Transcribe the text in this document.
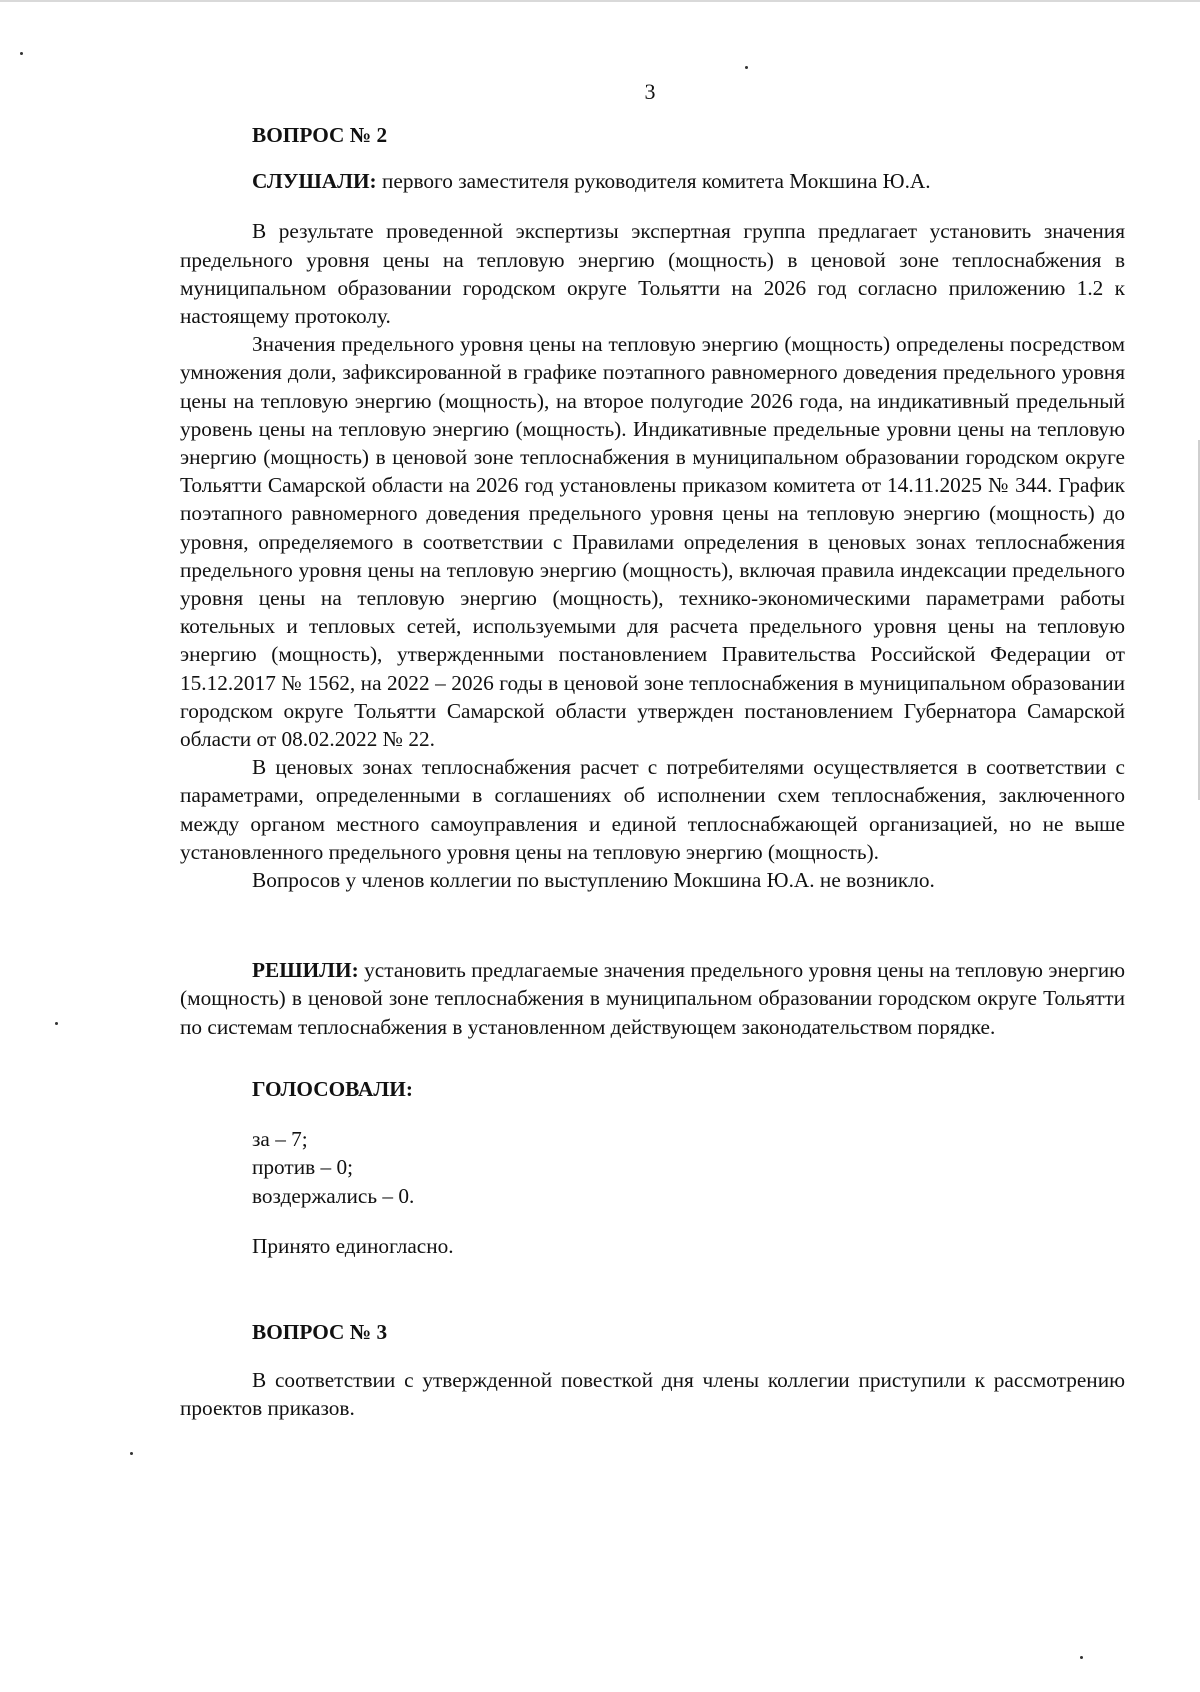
3
ВОПРОС № 2
СЛУШАЛИ: первого заместителя руководителя комитета Мокшина Ю.А.

В результате проведенной экспертизы экспертная группа предлагает установить значения предельного уровня цены на тепловую энергию (мощность) в ценовой зоне теплоснабжения в муниципальном образовании городском округе Тольятти на 2026 год согласно приложению 1.2 к настоящему протоколу.

Значения предельного уровня цены на тепловую энергию (мощность) определены посредством умножения доли, зафиксированной в графике поэтапного равномерного доведения предельного уровня цены на тепловую энергию (мощность), на второе полугодие 2026 года, на индикативный предельный уровень цены на тепловую энергию (мощность). Индикативные предельные уровни цены на тепловую энергию (мощность) в ценовой зоне теплоснабжения в муниципальном образовании городском округе Тольятти Самарской области на 2026 год установлены приказом комитета от 14.11.2025 № 344. График поэтапного равномерного доведения предельного уровня цены на тепловую энергию (мощность) до уровня, определяемого в соответствии с Правилами определения в ценовых зонах теплоснабжения предельного уровня цены на тепловую энергию (мощность), включая правила индексации предельного уровня цены на тепловую энергию (мощность), технико-экономическими параметрами работы котельных и тепловых сетей, используемыми для расчета предельного уровня цены на тепловую энергию (мощность), утвержденными постановлением Правительства Российской Федерации от 15.12.2017 № 1562, на 2022 – 2026 годы в ценовой зоне теплоснабжения в муниципальном образовании городском округе Тольятти Самарской области утвержден постановлением Губернатора Самарской области от 08.02.2022 № 22.

В ценовых зонах теплоснабжения расчет с потребителями осуществляется в соответствии с параметрами, определенными в соглашениях об исполнении схем теплоснабжения, заключенного между органом местного самоуправления и единой теплоснабжающей организацией, но не выше установленного предельного уровня цены на тепловую энергию (мощность).

Вопросов у членов коллегии по выступлению Мокшина Ю.А. не возникло.

РЕШИЛИ: установить предлагаемые значения предельного уровня цены на тепловую энергию (мощность) в ценовой зоне теплоснабжения в муниципальном образовании городском округе Тольятти по системам теплоснабжения в установленном действующем законодательством порядке.

ГОЛОСОВАЛИ:
за – 7;
против – 0;
воздержались – 0.
Принято единогласно.
ВОПРОС № 3

В соответствии с утвержденной повесткой дня члены коллегии приступили к рассмотрению проектов приказов.
